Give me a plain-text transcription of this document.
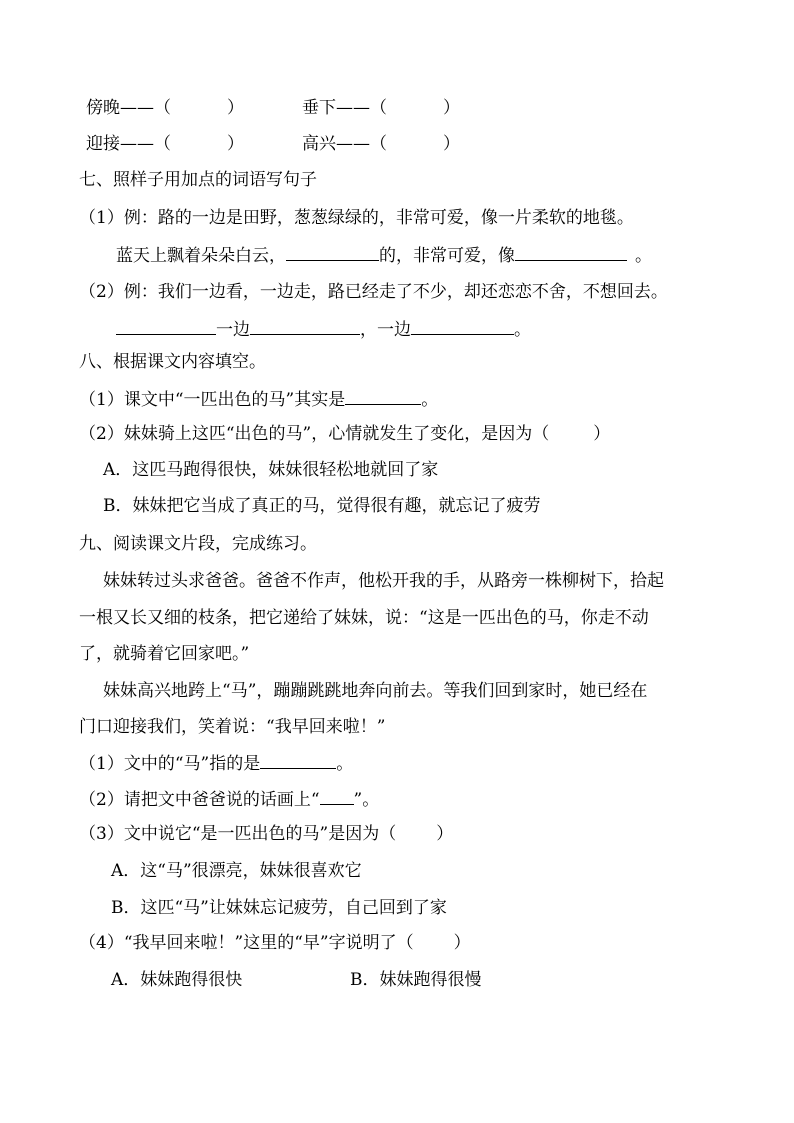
傍晚——（	）	垂下——（	）
迎接——（	）	高兴——（	）
七、照样子用加点的词语写句子
（1）例：路的一边是田野，葱葱绿绿的，非常可爱，像一片柔软的地毯。
蓝天上飘着朵朵白云，	的，非常可爱，像	。
（2）例：我们一边看，一边走，路已经走了不少，却还恋恋不舍，不想回去。
一边	，一边	。
八、根据课文内容填空。
（1）课文中“一匹出色的马”其实是	。
（2）妹妹骑上这匹“出色的马”，心情就发生了变化，是因为（	）
A．这匹马跑得很快，妹妹很轻松地就回了家
B．妹妹把它当成了真正的马，觉得很有趣，就忘记了疲劳
九、阅读课文片段，完成练习。
妹妹转过头求爸爸。爸爸不作声，他松开我的手，从路旁一株柳树下，拾起
一根又长又细的枝条，把它递给了妹妹，说：“这是一匹出色的马，你走不动
了，就骑着它回家吧。”
妹妹高兴地跨上“马”，蹦蹦跳跳地奔向前去。等我们回到家时，她已经在
门口迎接我们，笑着说：“我早回来啦！”
（1）文中的“马”指的是	。
（2）请把文中爸爸说的话画上“ ”。
（3）文中说它“是一匹出色的马”是因为（ ）
A．这“马”很漂亮，妹妹很喜欢它
B．这匹“马”让妹妹忘记疲劳，自己回到了家
（4）“我早回来啦！”这里的“早”字说明了（ ）
A．妹妹跑得很快	B．妹妹跑得很慢
